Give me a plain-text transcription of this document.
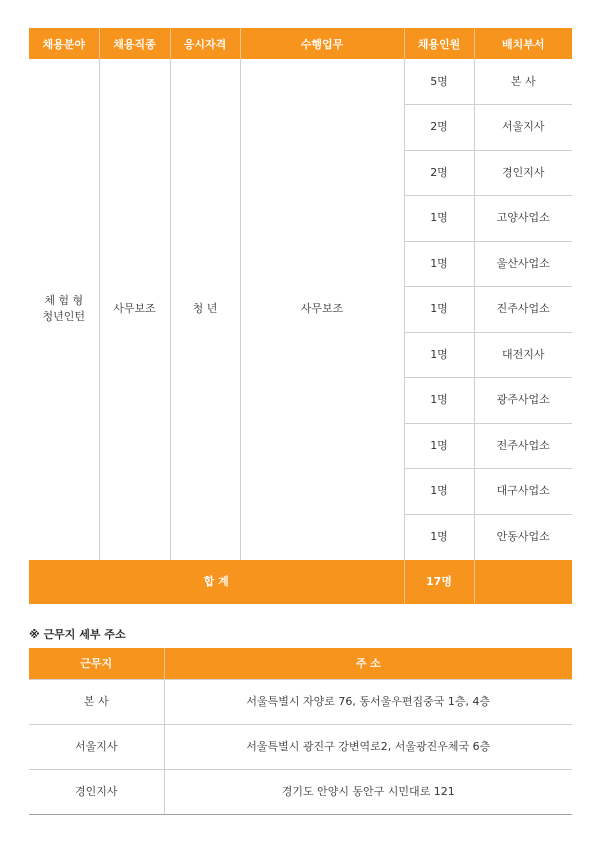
채용분야	채용직종	응시자격	수행업무	채용인원	배치부서

체 험 형
청년인턴	사무보조	청 년	사무보조	5명	본 사
				2명	서울지사
				2명	경인지사
				1명	고양사업소
				1명	울산사업소
				1명	진주사업소
				1명	대전지사
				1명	광주사업소
				1명	전주사업소
				1명	대구사업소
				1명	안동사업소
합 계				17명	
※ 근무지 세부 주소
근무지	주 소
본 사	서울특별시 자양로 76, 동서울우편집중국 1층, 4층
서울지사	서울특별시 광진구 강변역로2, 서울광진우체국 6층
경인지사	경기도 안양시 동안구 시민대로 121
